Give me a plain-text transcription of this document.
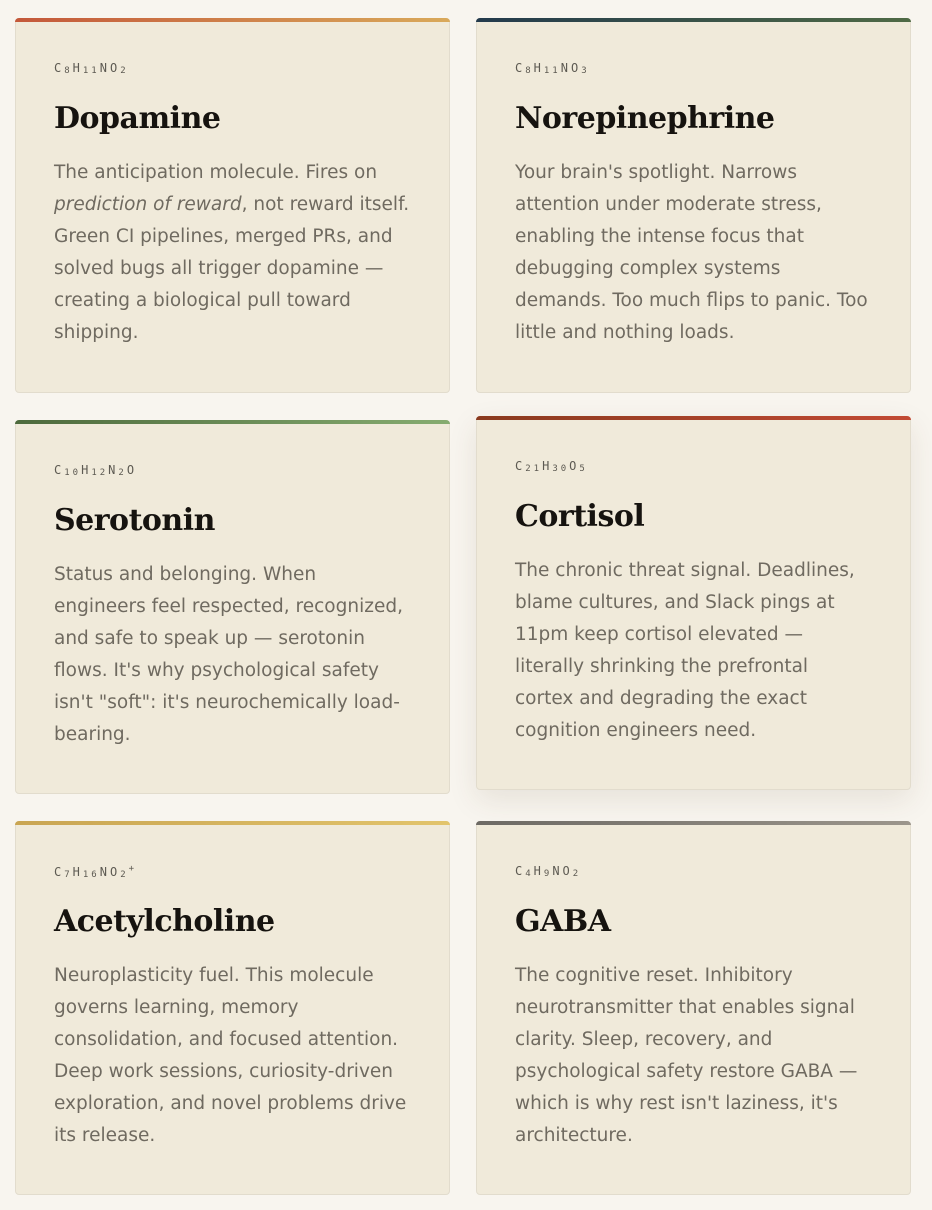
C8H11NO2
Dopamine
The anticipation molecule. Fires on prediction of reward, not reward itself. Green CI pipelines, merged PRs, and solved bugs all trigger dopamine — creating a biological pull toward shipping.
C8H11NO3
Norepinephrine
Your brain's spotlight. Narrows attention under moderate stress, enabling the intense focus that debugging complex systems demands. Too much flips to panic. Too little and nothing loads.
C10H12N2O
Serotonin
Status and belonging. When engineers feel respected, recognized, and safe to speak up — serotonin flows. It's why psychological safety isn't "soft": it's neurochemically load-bearing.
C21H30O5
Cortisol
The chronic threat signal. Deadlines, blame cultures, and Slack pings at 11pm keep cortisol elevated — literally shrinking the prefrontal cortex and degrading the exact cognition engineers need.
C7H16NO2+
Acetylcholine
Neuroplasticity fuel. This molecule governs learning, memory consolidation, and focused attention. Deep work sessions, curiosity-driven exploration, and novel problems drive its release.
C4H9NO2
GABA
The cognitive reset. Inhibitory neurotransmitter that enables signal clarity. Sleep, recovery, and psychological safety restore GABA — which is why rest isn't laziness, it's architecture.
